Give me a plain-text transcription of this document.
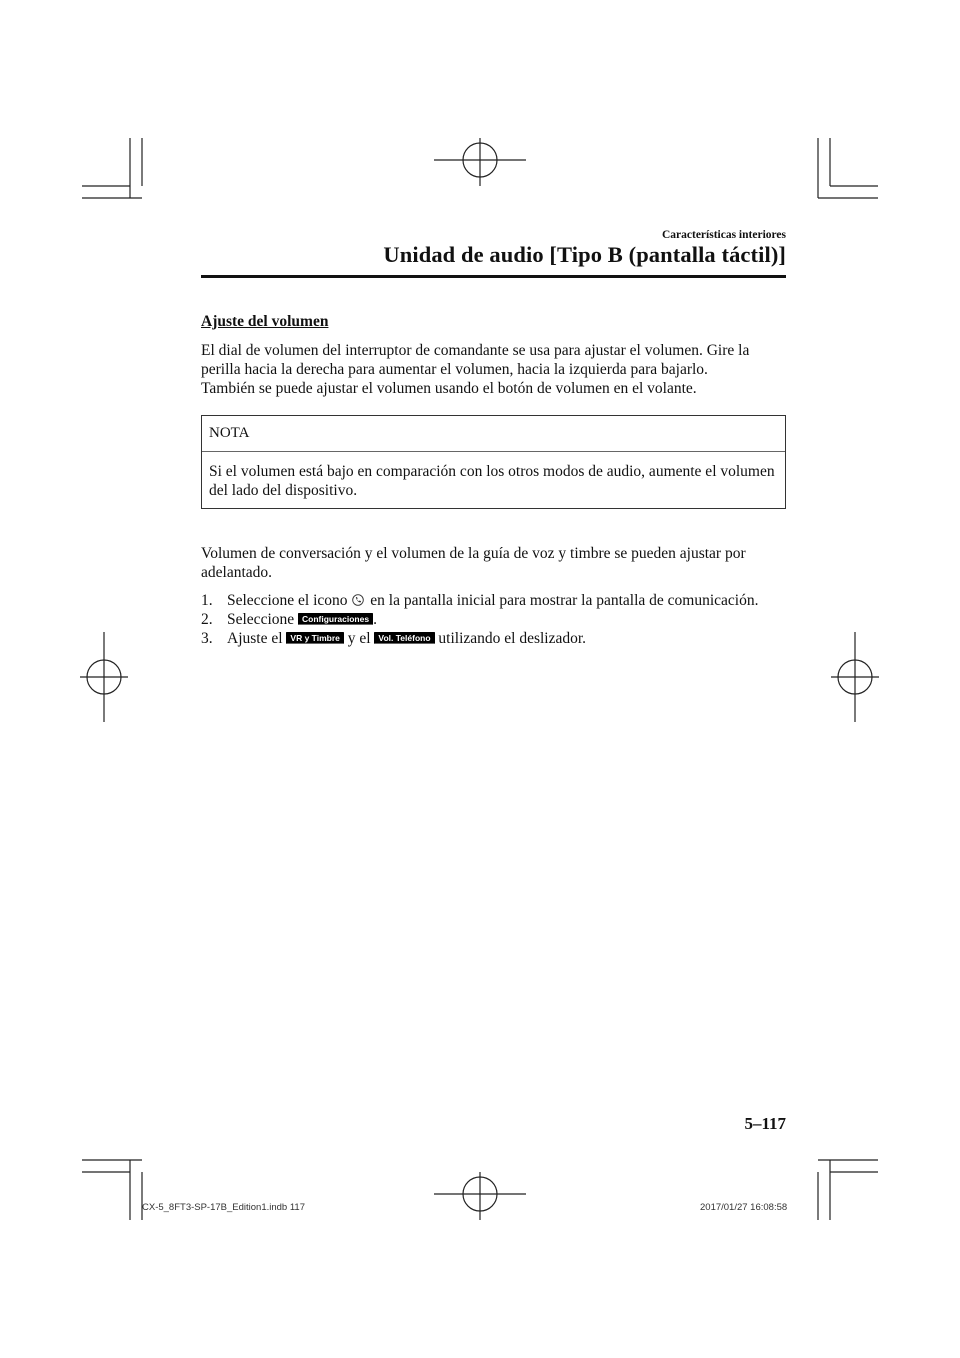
Características interiores
Unidad de audio [Tipo B (pantalla táctil)]

Ajuste del volumen

El dial de volumen del interruptor de comandante se usa para ajustar el volumen. Gire la perilla hacia la derecha para aumentar el volumen, hacia la izquierda para bajarlo.

También se puede ajustar el volumen usando el botón de volumen en el volante.

NOTA
Si el volumen está bajo en comparación con los otros modos de audio, aumente el volumen del lado del dispositivo.

Volumen de conversación y el volumen de la guía de voz y timbre se pueden ajustar por adelantado.

1. Seleccione el icono en la pantalla inicial para mostrar la pantalla de comunicación.
2. Seleccione Configuraciones .
3. Ajuste el VR y Timbre y el Vol. Teléfono utilizando el deslizador.
5–117
CX-5_8FT3-SP-17B_Edition1.indb 117	2017/01/27 16:08:58
